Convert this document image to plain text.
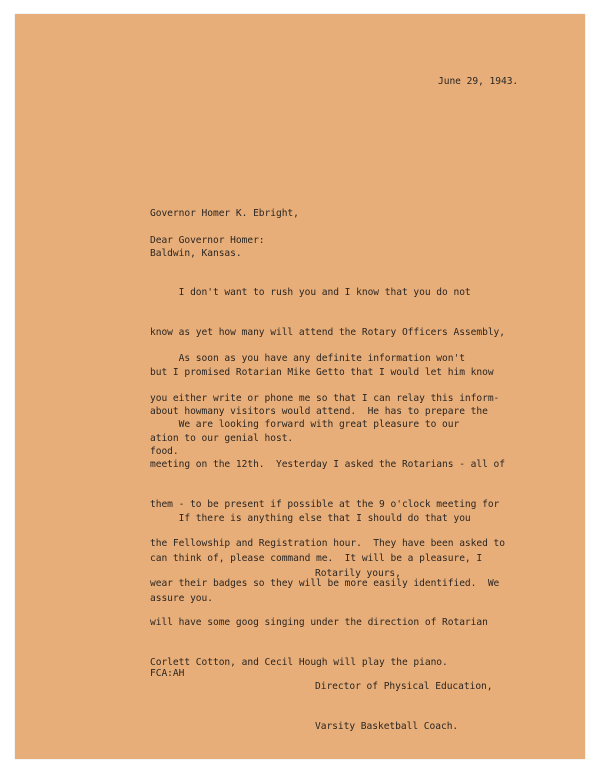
June 29, 1943.

Governor Homer K. Ebright,

Baldwin, Kansas.

Dear Governor Homer:

I don't want to rush you and I know that you do not

know as yet how many will attend the Rotary Officers Assembly,

but I promised Rotarian Mike Getto that I would let him know

about howmany visitors would attend.  He has to prepare the

food.

As soon as you have any definite information won't

you either write or phone me so that I can relay this inform-

ation to our genial host.

We are looking forward with great pleasure to our

meeting on the 12th.  Yesterday I asked the Rotarians - all of

them - to be present if possible at the 9 o'clock meeting for

the Fellowship and Registration hour.  They have been asked to

wear their badges so they will be more easily identified.  We

will have some goog singing under the direction of Rotarian

Corlett Cotton, and Cecil Hough will play the piano.

If there is anything else that I should do that you

can think of, please command me.  It will be a pleasure, I

assure you.

Rotarily yours,

Director of Physical Education,

Varsity Basketball Coach.

FCA:AH
